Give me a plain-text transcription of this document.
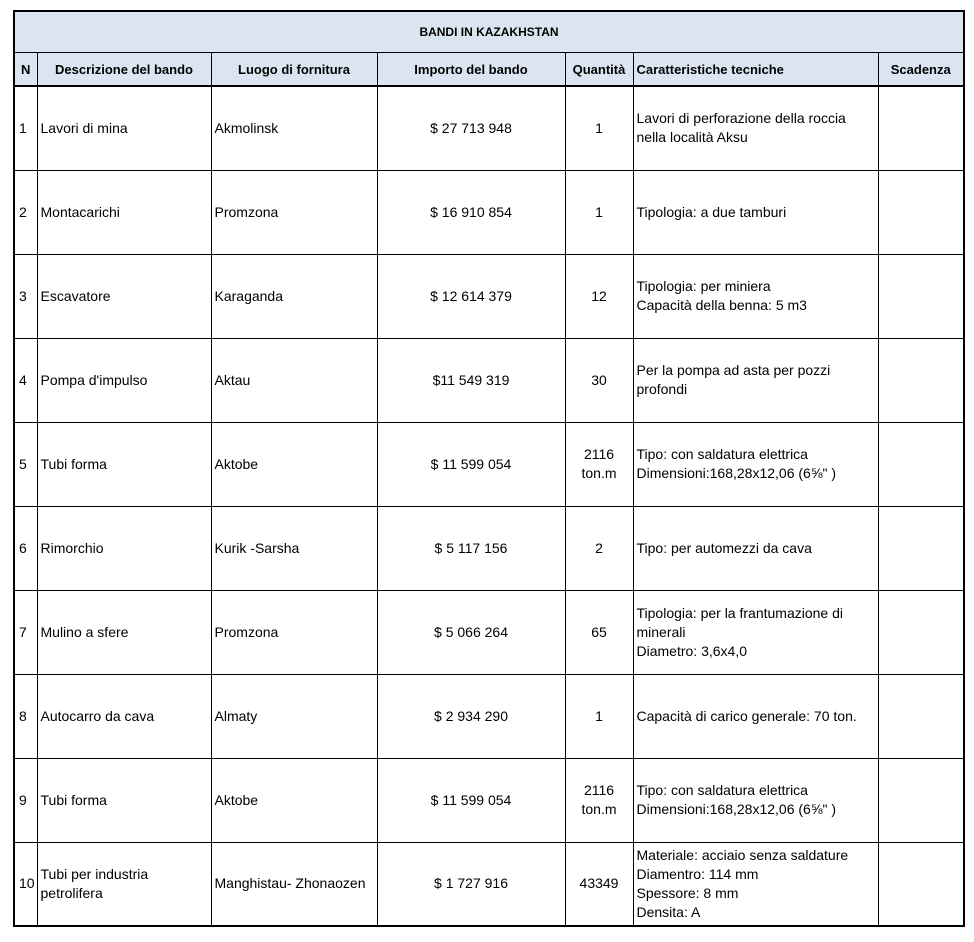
BANDI IN KAZAKHSTAN						
N	Descrizione del bando	Luogo di fornitura	Importo del bando	Quantità	Caratteristiche tecniche	Scadenza
1	Lavori di mina	Akmolinsk	$ 27 713 948	1	Lavori di perforazione della roccia
nella località Aksu	

2	Montacarichi	Promzona	$ 16 910 854	1	Tipologia: a due tamburi	

3	Escavatore	Karaganda	$ 12 614 379	12	Tipologia: per miniera
Capacità della benna: 5 m3	

4	Pompa d'impulso	Aktau	$11 549 319	30	Per la pompa ad asta per pozzi
profondi	

5	Tubi forma	Aktobe	$ 11 599 054	2116
ton.m	Tipo: con saldatura elettrica
Dimensioni:168,28x12,06 (6⅝" )	

6	Rimorchio	Kurik -Sarsha	$ 5 117 156	2	Tipo: per automezzi da cava	

7	Mulino a sfere	Promzona	$ 5 066 264	65	Tipologia: per la frantumazione di
minerali
Diametro: 3,6x4,0	

8	Autocarro da cava	Almaty	$ 2 934 290	1	Capacità di carico generale: 70 ton.	

9	Tubi forma	Aktobe	$ 11 599 054	2116
ton.m	Tipo: con saldatura elettrica
Dimensioni:168,28x12,06 (6⅝" )	

10	Tubi per industria petrolifera	Manghistau- Zhonaozen	$ 1 727 916	43349	Materiale: acciaio senza saldature
Diamentro: 114 mm
Spessore: 8 mm
Densita: A	
